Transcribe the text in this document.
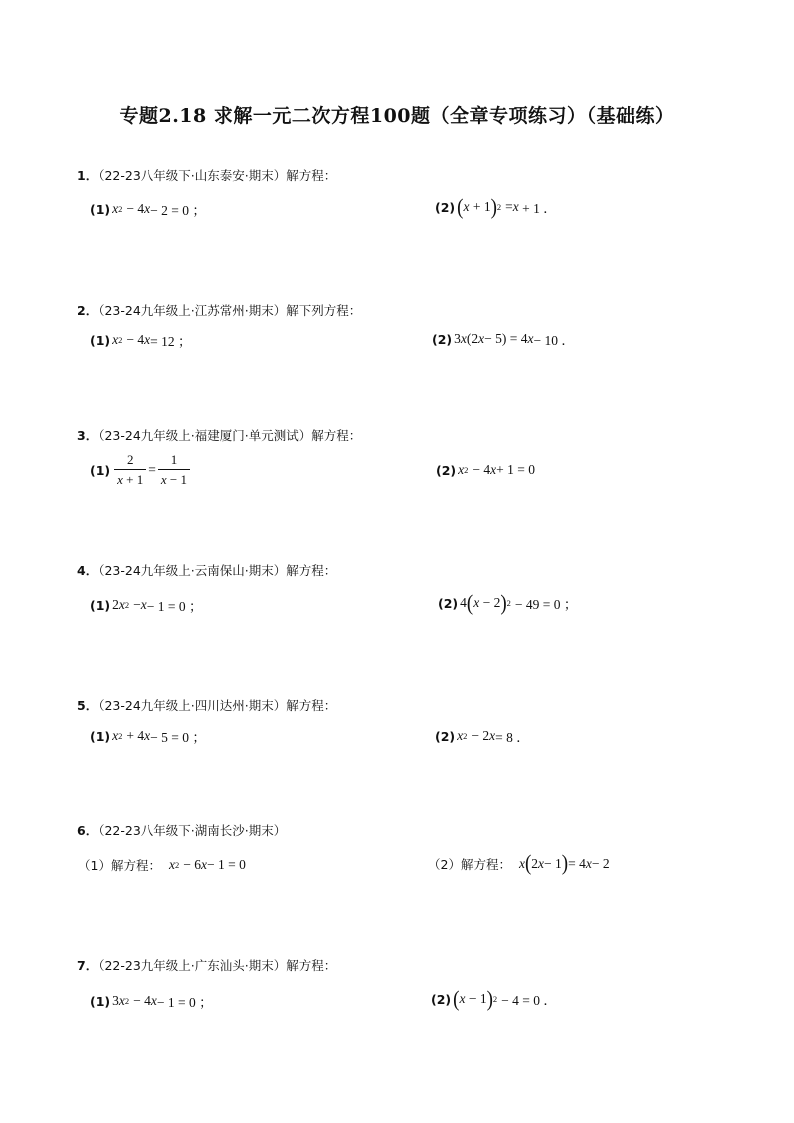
专题2.18 求解一元二次方程100题（全章专项练习）（基础练）
1．（22-23八年级下·山东泰安·期末）解方程：
(1) x 2 − 4 x − 2 = 0 ；	(2) ( x + 1 ) 2 = x + 1 ．
2．（23-24九年级上·江苏常州·期末）解下列方程：
(1) x 2 − 4 x = 12 ；	(2) 3 x (2 x − 5) = 4 x − 10 ．
3．（23-24九年级上·福建厦门·单元测试）解方程：
$(1) \frac{2}{x + 1} = \frac{1}{x - 1}$	(2) x 2 − 4 x + 1 = 0
4．（23-24九年级上·云南保山·期末）解方程：
(1) 2 x 2 − x − 1 = 0 ；	(2) 4 ( x − 2 ) 2 − 49 = 0 ；
5．（23-24九年级上·四川达州·期末）解方程：
(1) x 2 + 4 x − 5 = 0 ；	(2) x 2 − 2 x = 8 ．
6．（22-23八年级下·湖南长沙·期末）
（1）解方程： x 2 − 6 x − 1 = 0	（2）解方程： x ( 2 x − 1 ) = 4 x − 2
7．（22-23九年级上·广东汕头·期末）解方程：
(1) 3 x 2 − 4 x − 1 = 0 ；	(2) ( x − 1 ) 2 − 4 = 0 ．
